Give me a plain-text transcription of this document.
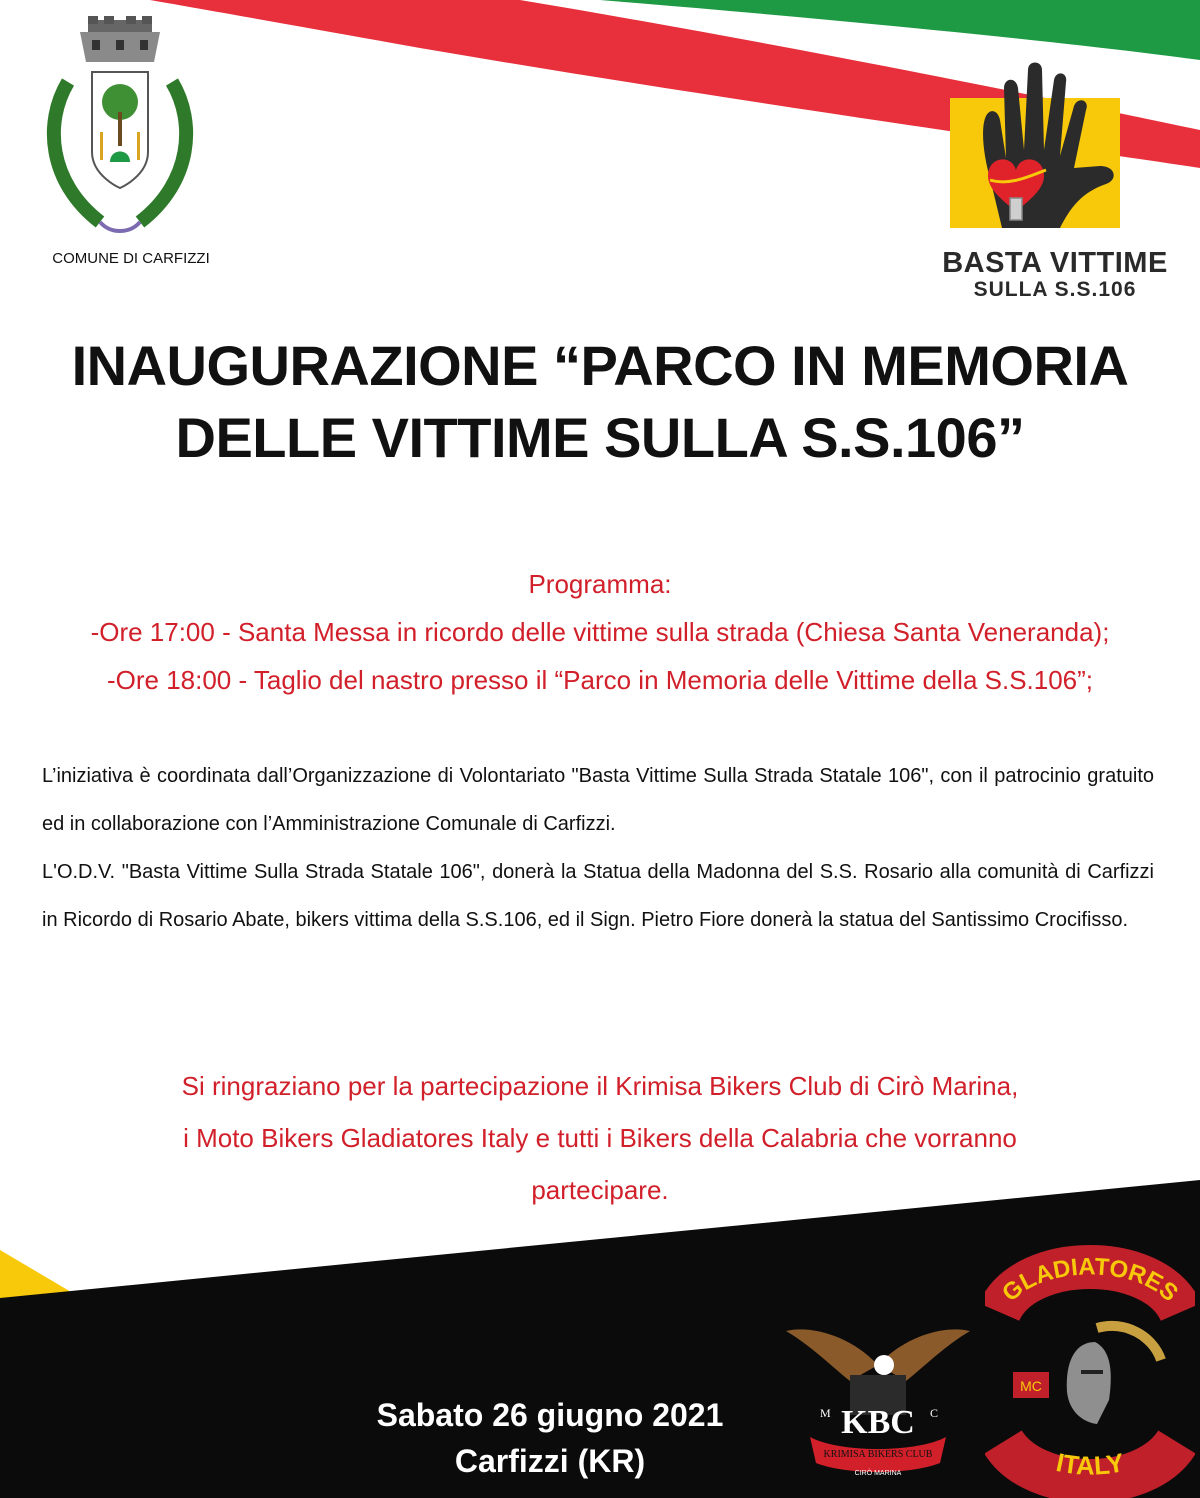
COMUNE DI CARFIZZI	BASTA VITTIME
SULLA S.S.106
INAUGURAZIONE “PARCO IN MEMORIA
DELLE VITTIME SULLA S.S.106”
Programma:
-Ore 17:00 - Santa Messa in ricordo delle vittime sulla strada (Chiesa Santa Veneranda);
-Ore 18:00 - Taglio del nastro presso il “Parco in Memoria delle Vittime della S.S.106”;

L’iniziativa è coordinata dall’Organizzazione di Volontariato "Basta Vittime Sulla Strada Statale 106", con il patrocinio gratuito ed in collaborazione con l’Amministrazione Comunale di Carfizzi.

L'O.D.V. "Basta Vittime Sulla Strada Statale 106", donerà la Statua della Madonna del S.S. Rosario alla comunità di Carfizzi in Ricordo di Rosario Abate, bikers vittima della S.S.106, ed il Sign. Pietro Fiore donerà la statua del Santissimo Crocifisso.

Si ringraziano per la partecipazione il Krimisa Bikers Club di Cirò Marina,
i Moto Bikers Gladiatores Italy e tutti i Bikers della Calabria che vorranno
partecipare.
Sabato 26 giugno 2021
Carfizzi (KR)
M	C
KBC
KRIMISA BIKERS CLUB
CIRÒ MARINA
GLADIATORES
ITALY
MC
